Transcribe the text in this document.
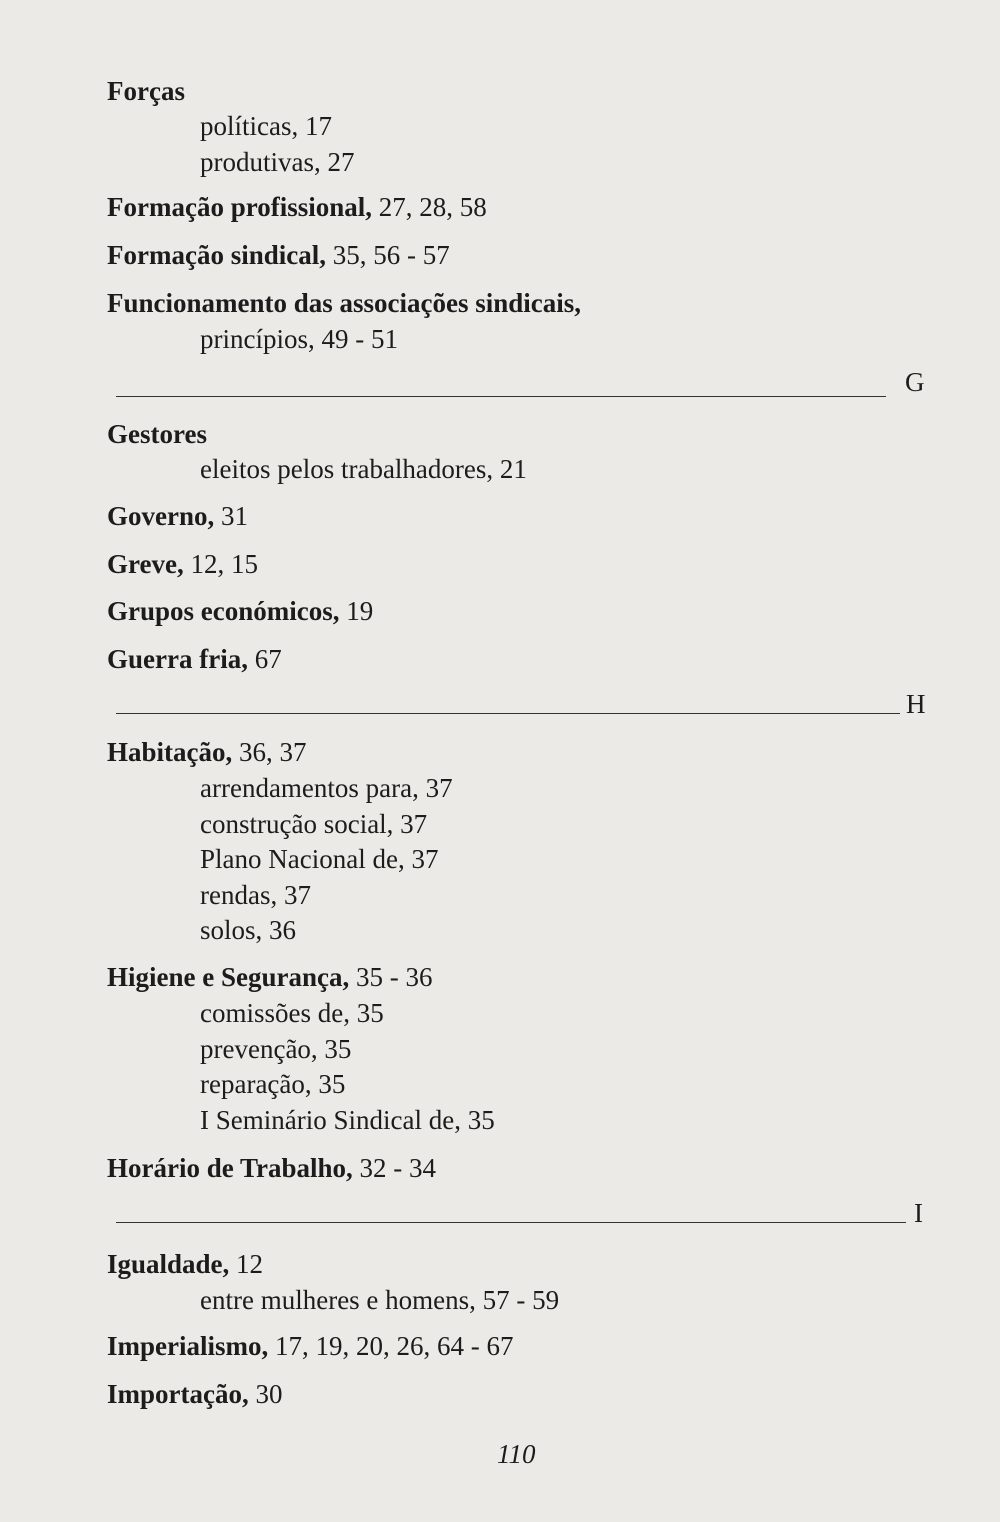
Forças
políticas, 17
produtivas, 27
Formação profissional, 27, 28, 58
Formação sindical, 35, 56 - 57
Funcionamento das associações sindicais,
princípios, 49 - 51
G
Gestores
eleitos pelos trabalhadores, 21
Governo, 31
Greve, 12, 15
Grupos económicos, 19
Guerra fria, 67
H
Habitação, 36, 37
arrendamentos para, 37
construção social, 37
Plano Nacional de, 37
rendas, 37
solos, 36
Higiene e Segurança, 35 - 36
comissões de, 35
prevenção, 35
reparação, 35
I Seminário Sindical de, 35
Horário de Trabalho, 32 - 34
I
Igualdade, 12
entre mulheres e homens, 57 - 59
Imperialismo, 17, 19, 20, 26, 64 - 67
Importação, 30
110
